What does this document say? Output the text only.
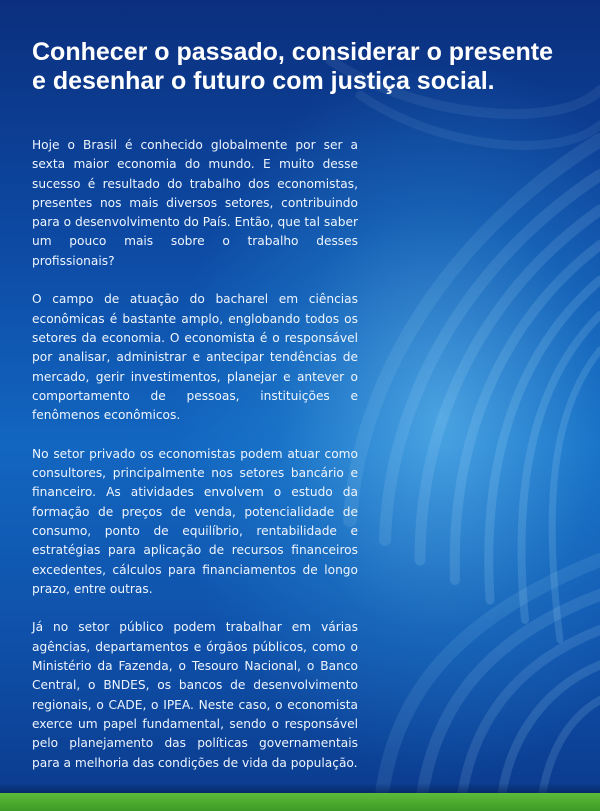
Conhecer o passado, considerar o presente
e desenhar o futuro com justiça social.

Hoje o Brasil é conhecido globalmente por ser a sexta maior economia do mundo. E muito desse sucesso é resultado do trabalho dos economistas, presentes nos mais diversos setores, contribuindo para o desenvolvimento do País. Então, que tal saber um pouco mais sobre o trabalho desses profissionais?

O campo de atuação do bacharel em ciências econômicas é bastante amplo, englobando todos os setores da economia. O economista é o responsável por analisar, administrar e antecipar tendências de mercado, gerir investimentos, planejar e antever o comportamento de pessoas, instituições e fenômenos econômicos.

No setor privado os economistas podem atuar como consultores, principalmente nos setores bancário e financeiro. As atividades envolvem o estudo da formação de preços de venda, potencialidade de consumo, ponto de equilíbrio, rentabilidade e estratégias para aplicação de recursos financeiros excedentes, cálculos para financiamentos de longo prazo, entre outras.

Já no setor público podem trabalhar em várias agências, departamentos e órgãos públicos, como o Ministério da Fazenda, o Tesouro Nacional, o Banco Central, o BNDES, os bancos de desenvolvimento regionais, o CADE, o IPEA. Neste caso, o economista exerce um papel fundamental, sendo o responsável pelo planejamento das políticas governamentais para a melhoria das condições de vida da população.
